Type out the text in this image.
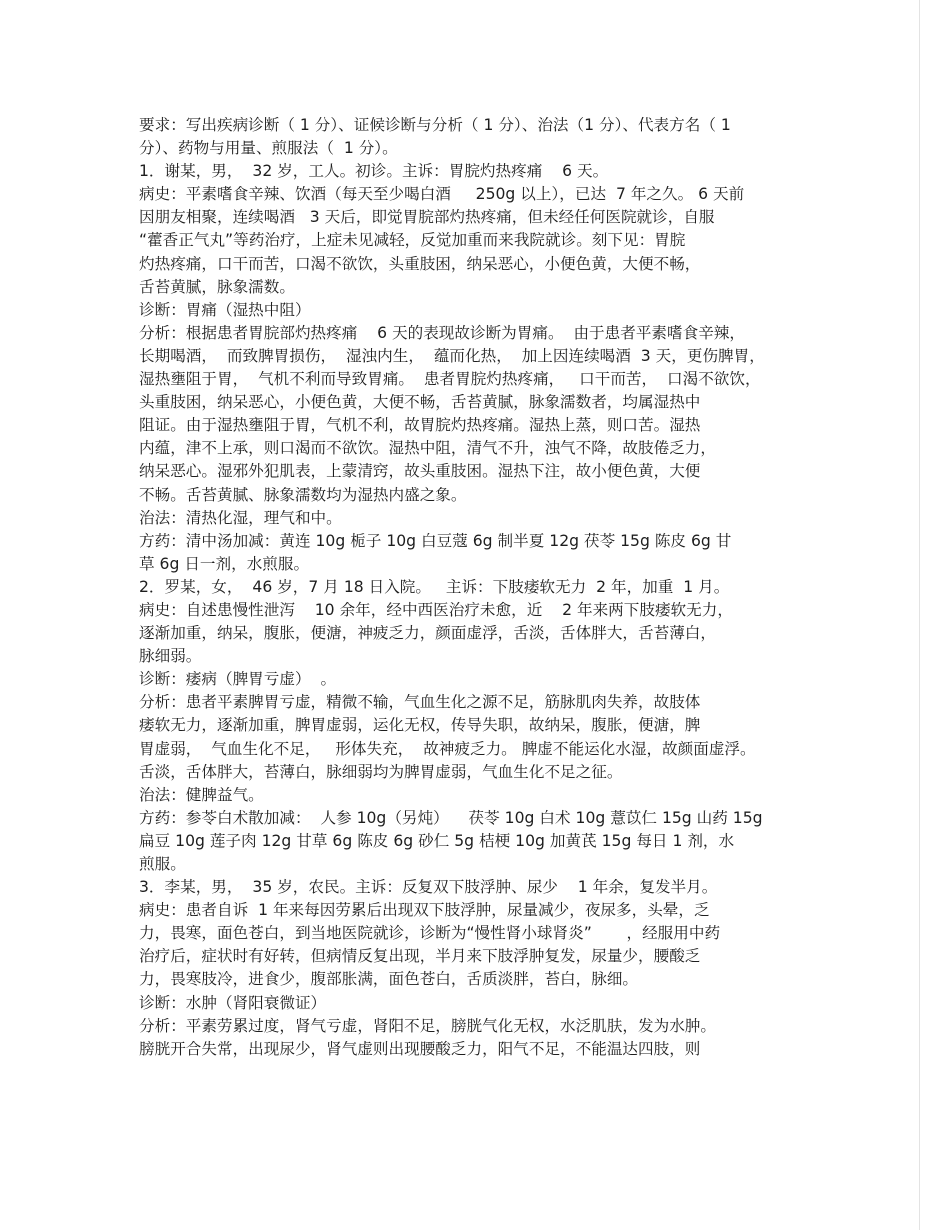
要求：写出疾病诊断（ 1 分）、证候诊断与分析（ 1 分）、治法（1 分）、代表方名（ 1
分）、药物与用量、煎服法（  1 分）。
1．谢某，男，  32 岁，工人。初诊。主诉：胃脘灼热疼痛    6 天。
病史：平素嗜食辛辣、饮酒（每天至少喝白酒     250g 以上），已达  7 年之久。 6 天前
因朋友相聚，连续喝酒   3 天后，即觉胃脘部灼热疼痛，但未经任何医院就诊，自服
“藿香正气丸”等药治疗，上症未见减轻，反觉加重而来我院就诊。刻下见：胃脘
灼热疼痛，口干而苦，口渴不欲饮，头重肢困，纳呆恶心，小便色黄，大便不畅，
舌苔黄腻，脉象濡数。
诊断：胃痛（湿热中阻）
分析：根据患者胃脘部灼热疼痛    6 天的表现故诊断为胃痛。  由于患者平素嗜食辛辣，
长期喝酒，  而致脾胃损伤，  湿浊内生，  蕴而化热，  加上因连续喝酒  3 天，更伤脾胃，
湿热壅阻于胃，  气机不利而导致胃痛。  患者胃脘灼热疼痛，   口干而苦，  口渴不欲饮，
头重肢困，纳呆恶心，小便色黄，大便不畅，舌苔黄腻，脉象濡数者，均属湿热中
阻证。由于湿热壅阻于胃，气机不利，故胃脘灼热疼痛。湿热上蒸，则口苦。湿热
内蕴，津不上承，则口渴而不欲饮。湿热中阻，清气不升，浊气不降，故肢倦乏力，
纳呆恶心。湿邪外犯肌表，上蒙清窍，故头重肢困。湿热下注，故小便色黄，大便
不畅。舌苔黄腻、脉象濡数均为湿热内盛之象。
治法：清热化湿，理气和中。
方药：清中汤加减：黄连 10g 栀子 10g 白豆蔻 6g 制半夏 12g 茯苓 15g 陈皮 6g 甘
草 6g 日一剂，水煎服。
2．罗某，女，  46 岁，7 月 18 日入院。   主诉：下肢痿软无力  2 年，加重  1 月。
病史：自述患慢性泄泻    10 余年，经中西医治疗未愈，近    2 年来两下肢痿软无力，
逐渐加重，纳呆，腹胀，便溏，神疲乏力，颜面虚浮，舌淡，舌体胖大，舌苔薄白，
脉细弱。
诊断：痿病（脾胃亏虚）  。
分析：患者平素脾胃亏虚，精微不输，气血生化之源不足，筋脉肌肉失养，故肢体
痿软无力，逐渐加重，脾胃虚弱，运化无权，传导失职，故纳呆，腹胀，便溏，脾
胃虚弱，  气血生化不足，   形体失充，  故神疲乏力。 脾虚不能运化水湿，故颜面虚浮。
舌淡，舌体胖大，苔薄白，脉细弱均为脾胃虚弱，气血生化不足之征。
治法：健脾益气。
方药：参苓白术散加减：  人参 10g（另炖）    茯苓 10g 白术 10g 薏苡仁 15g 山药 15g
扁豆 10g 莲子肉 12g 甘草 6g 陈皮 6g 砂仁 5g 桔梗 10g 加黄芪 15g 每日 1 剂，水
煎服。
3．李某，男，  35 岁，农民。主诉：反复双下肢浮肿、尿少    1 年余，复发半月。
病史：患者自诉  1 年来每因劳累后出现双下肢浮肿，尿量减少，夜尿多，头晕，乏
力，畏寒，面色苍白，到当地医院就诊，诊断为“慢性肾小球肾炎”       ，经服用中药
治疗后，症状时有好转，但病情反复出现，半月来下肢浮肿复发，尿量少，腰酸乏
力，畏寒肢冷，进食少，腹部胀满，面色苍白，舌质淡胖，苔白，脉细。
诊断：水肿（肾阳衰微证）
分析：平素劳累过度，肾气亏虚，肾阳不足，膀胱气化无权，水泛肌肤，发为水肿。
膀胱开合失常，出现尿少，肾气虚则出现腰酸乏力，阳气不足，不能温达四肢，则
